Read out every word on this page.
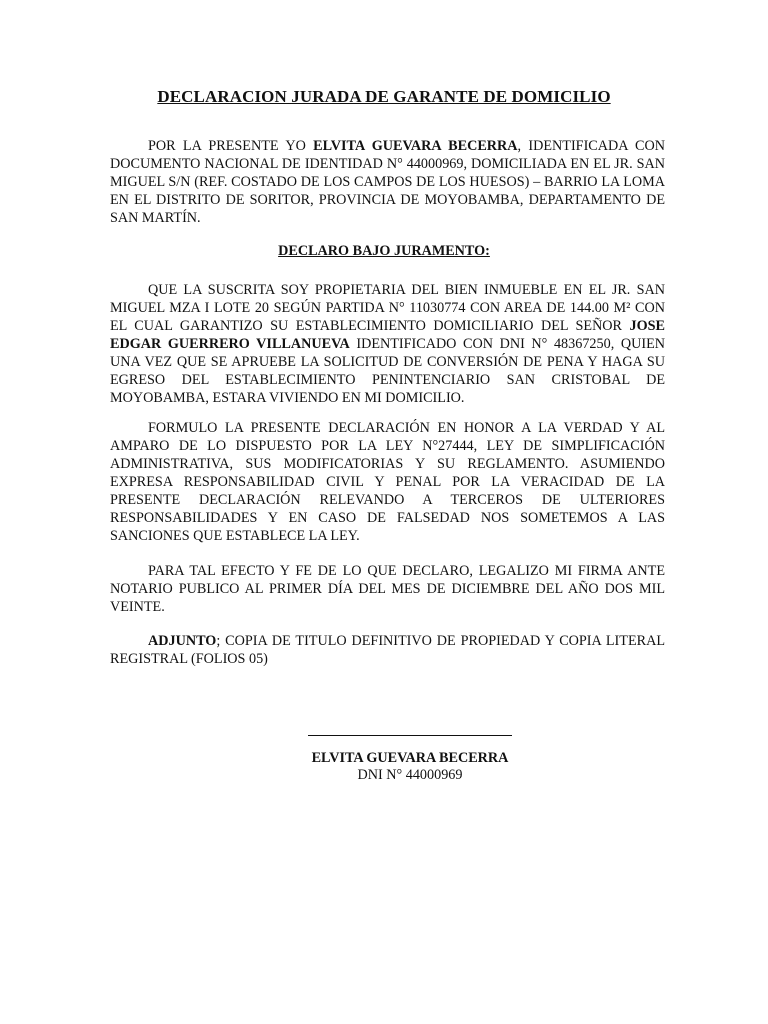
DECLARACION JURADA DE GARANTE DE DOMICILIO

POR LA PRESENTE YO ELVITA GUEVARA BECERRA, IDENTIFICADA CON DOCUMENTO NACIONAL DE IDENTIDAD N° 44000969, DOMICILIADA EN EL JR. SAN MIGUEL S/N (REF. COSTADO DE LOS CAMPOS DE LOS HUESOS) – BARRIO LA LOMA EN EL DISTRITO DE SORITOR, PROVINCIA DE MOYOBAMBA, DEPARTAMENTO DE SAN MARTÍN.

DECLARO BAJO JURAMENTO:

QUE LA SUSCRITA SOY PROPIETARIA DEL BIEN INMUEBLE EN EL JR. SAN MIGUEL MZA I LOTE 20 SEGÚN PARTIDA N° 11030774 CON AREA DE 144.00 M² CON EL CUAL GARANTIZO SU ESTABLECIMIENTO DOMICILIARIO DEL SEÑOR JOSE EDGAR GUERRERO VILLANUEVA IDENTIFICADO CON DNI N° 48367250, QUIEN UNA VEZ QUE SE APRUEBE LA SOLICITUD DE CONVERSIÓN DE PENA Y HAGA SU EGRESO DEL ESTABLECIMIENTO PENINTENCIARIO SAN CRISTOBAL DE MOYOBAMBA, ESTARA VIVIENDO EN MI DOMICILIO.

FORMULO LA PRESENTE DECLARACIÓN EN HONOR A LA VERDAD Y AL AMPARO DE LO DISPUESTO POR LA LEY N°27444, LEY DE SIMPLIFICACIÓN ADMINISTRATIVA, SUS MODIFICATORIAS Y SU REGLAMENTO. ASUMIENDO EXPRESA RESPONSABILIDAD CIVIL Y PENAL POR LA VERACIDAD DE LA PRESENTE DECLARACIÓN RELEVANDO A TERCEROS DE ULTERIORES RESPONSABILIDADES Y EN CASO DE FALSEDAD NOS SOMETEMOS A LAS SANCIONES QUE ESTABLECE LA LEY.

PARA TAL EFECTO Y FE DE LO QUE DECLARO, LEGALIZO MI FIRMA ANTE NOTARIO PUBLICO AL PRIMER DÍA DEL MES DE DICIEMBRE DEL AÑO DOS MIL VEINTE.

ADJUNTO; COPIA DE TITULO DEFINITIVO DE PROPIEDAD Y COPIA LITERAL REGISTRAL (FOLIOS 05)

ELVITA GUEVARA BECERRA
DNI N° 44000969
